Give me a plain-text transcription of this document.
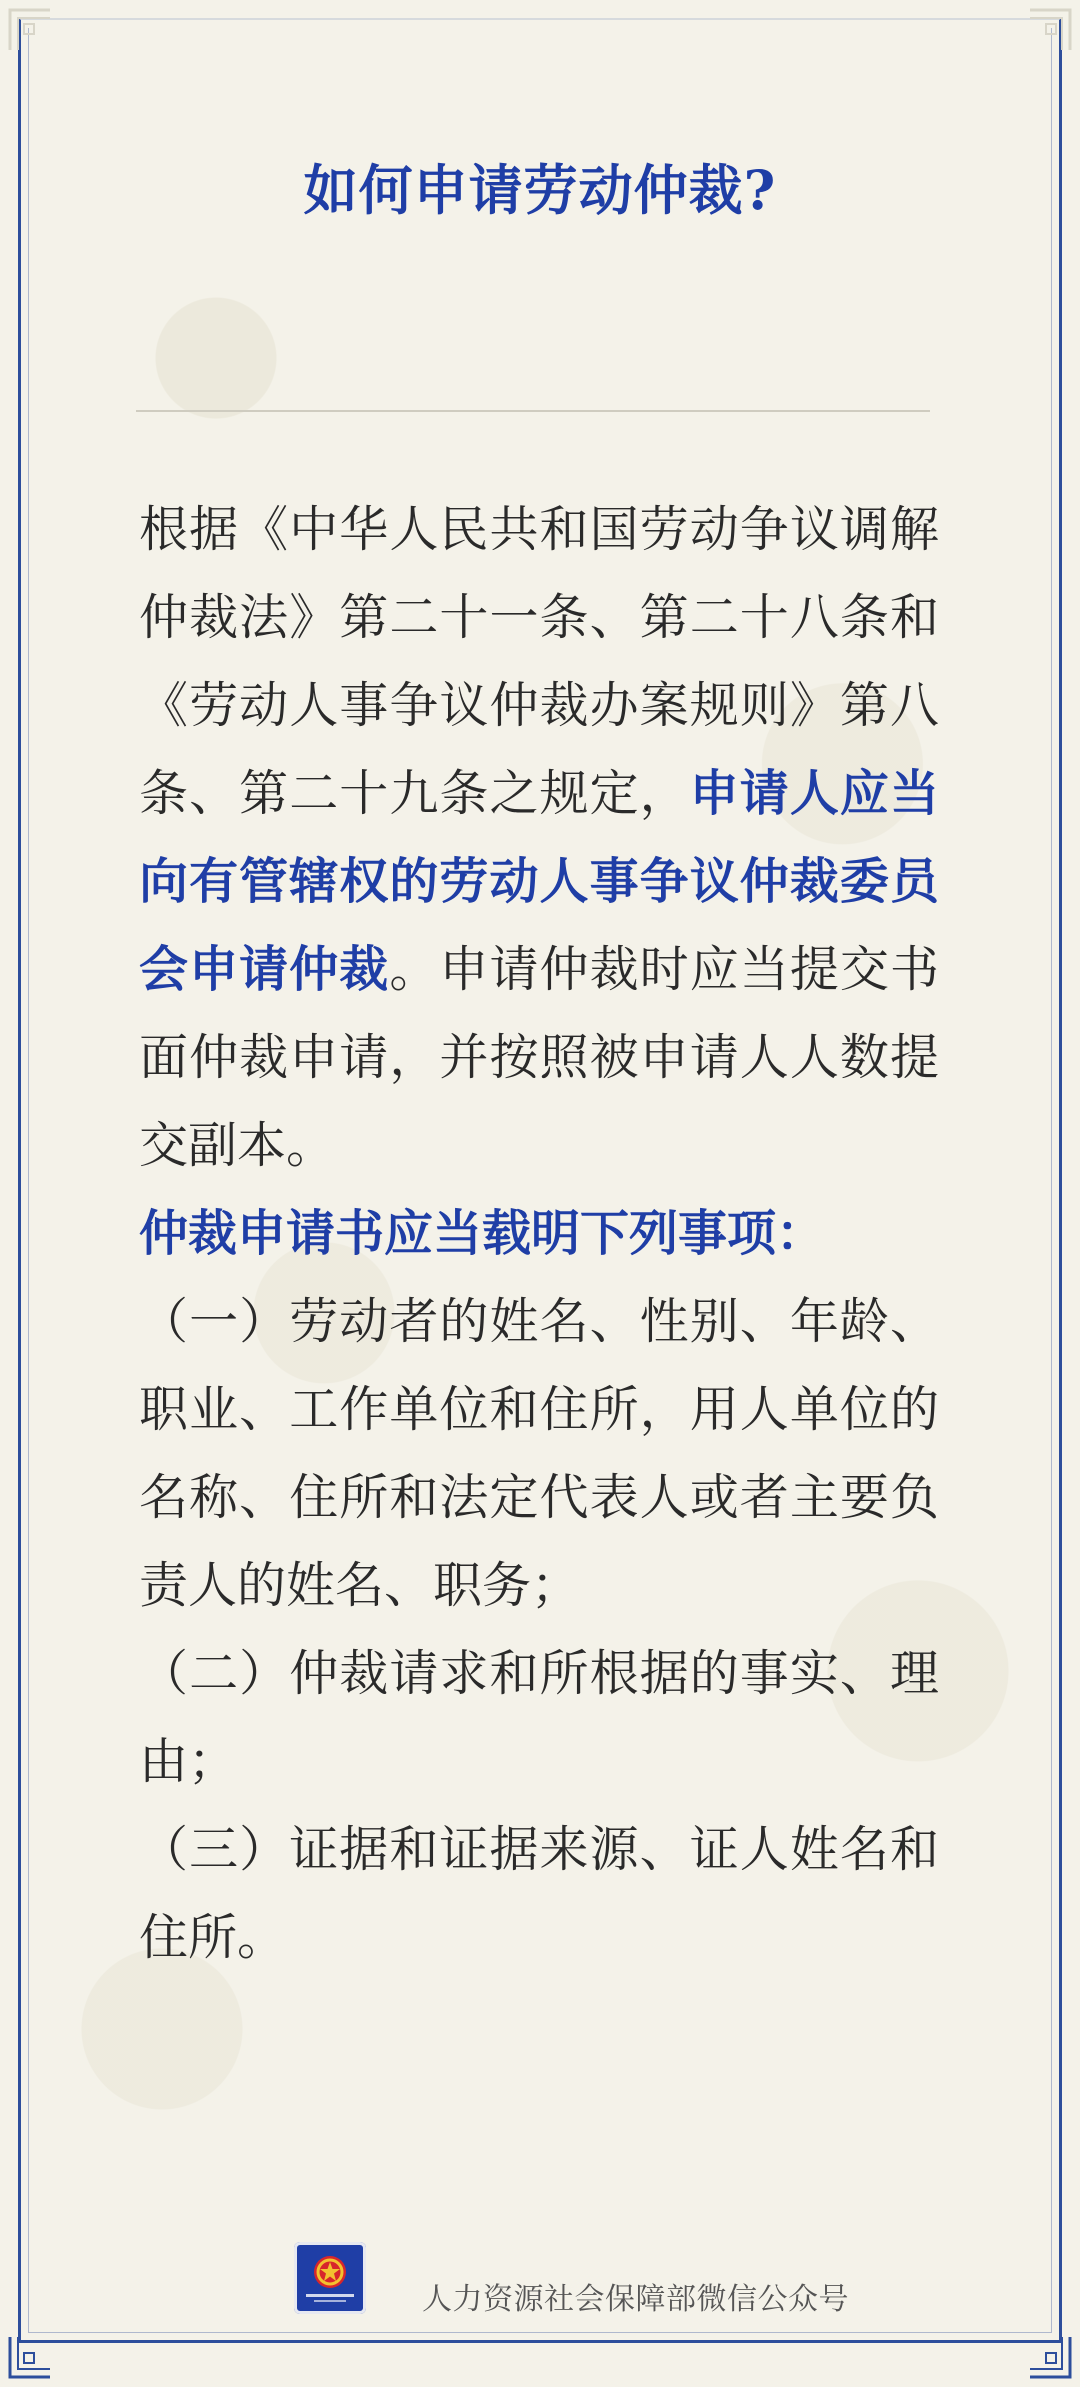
如何申请劳动仲裁?

根据《中华人民共和国劳动争议调解仲裁法》第二十一条、第二十八条和《劳动人事争议仲裁办案规则》第八条、第二十九条之规定，申请人应当向有管辖权的劳动人事争议仲裁委员会申请仲裁。申请仲裁时应当提交书面仲裁申请，并按照被申请人人数提交副本。

仲裁申请书应当载明下列事项：

（一）劳动者的姓名、性别、年龄、职业、工作单位和住所，用人单位的名称、住所和法定代表人或者主要负责人的姓名、职务；

（二）仲裁请求和所根据的事实、理由；

（三）证据和证据来源、证人姓名和住所。

人力资源社会保障部微信公众号
